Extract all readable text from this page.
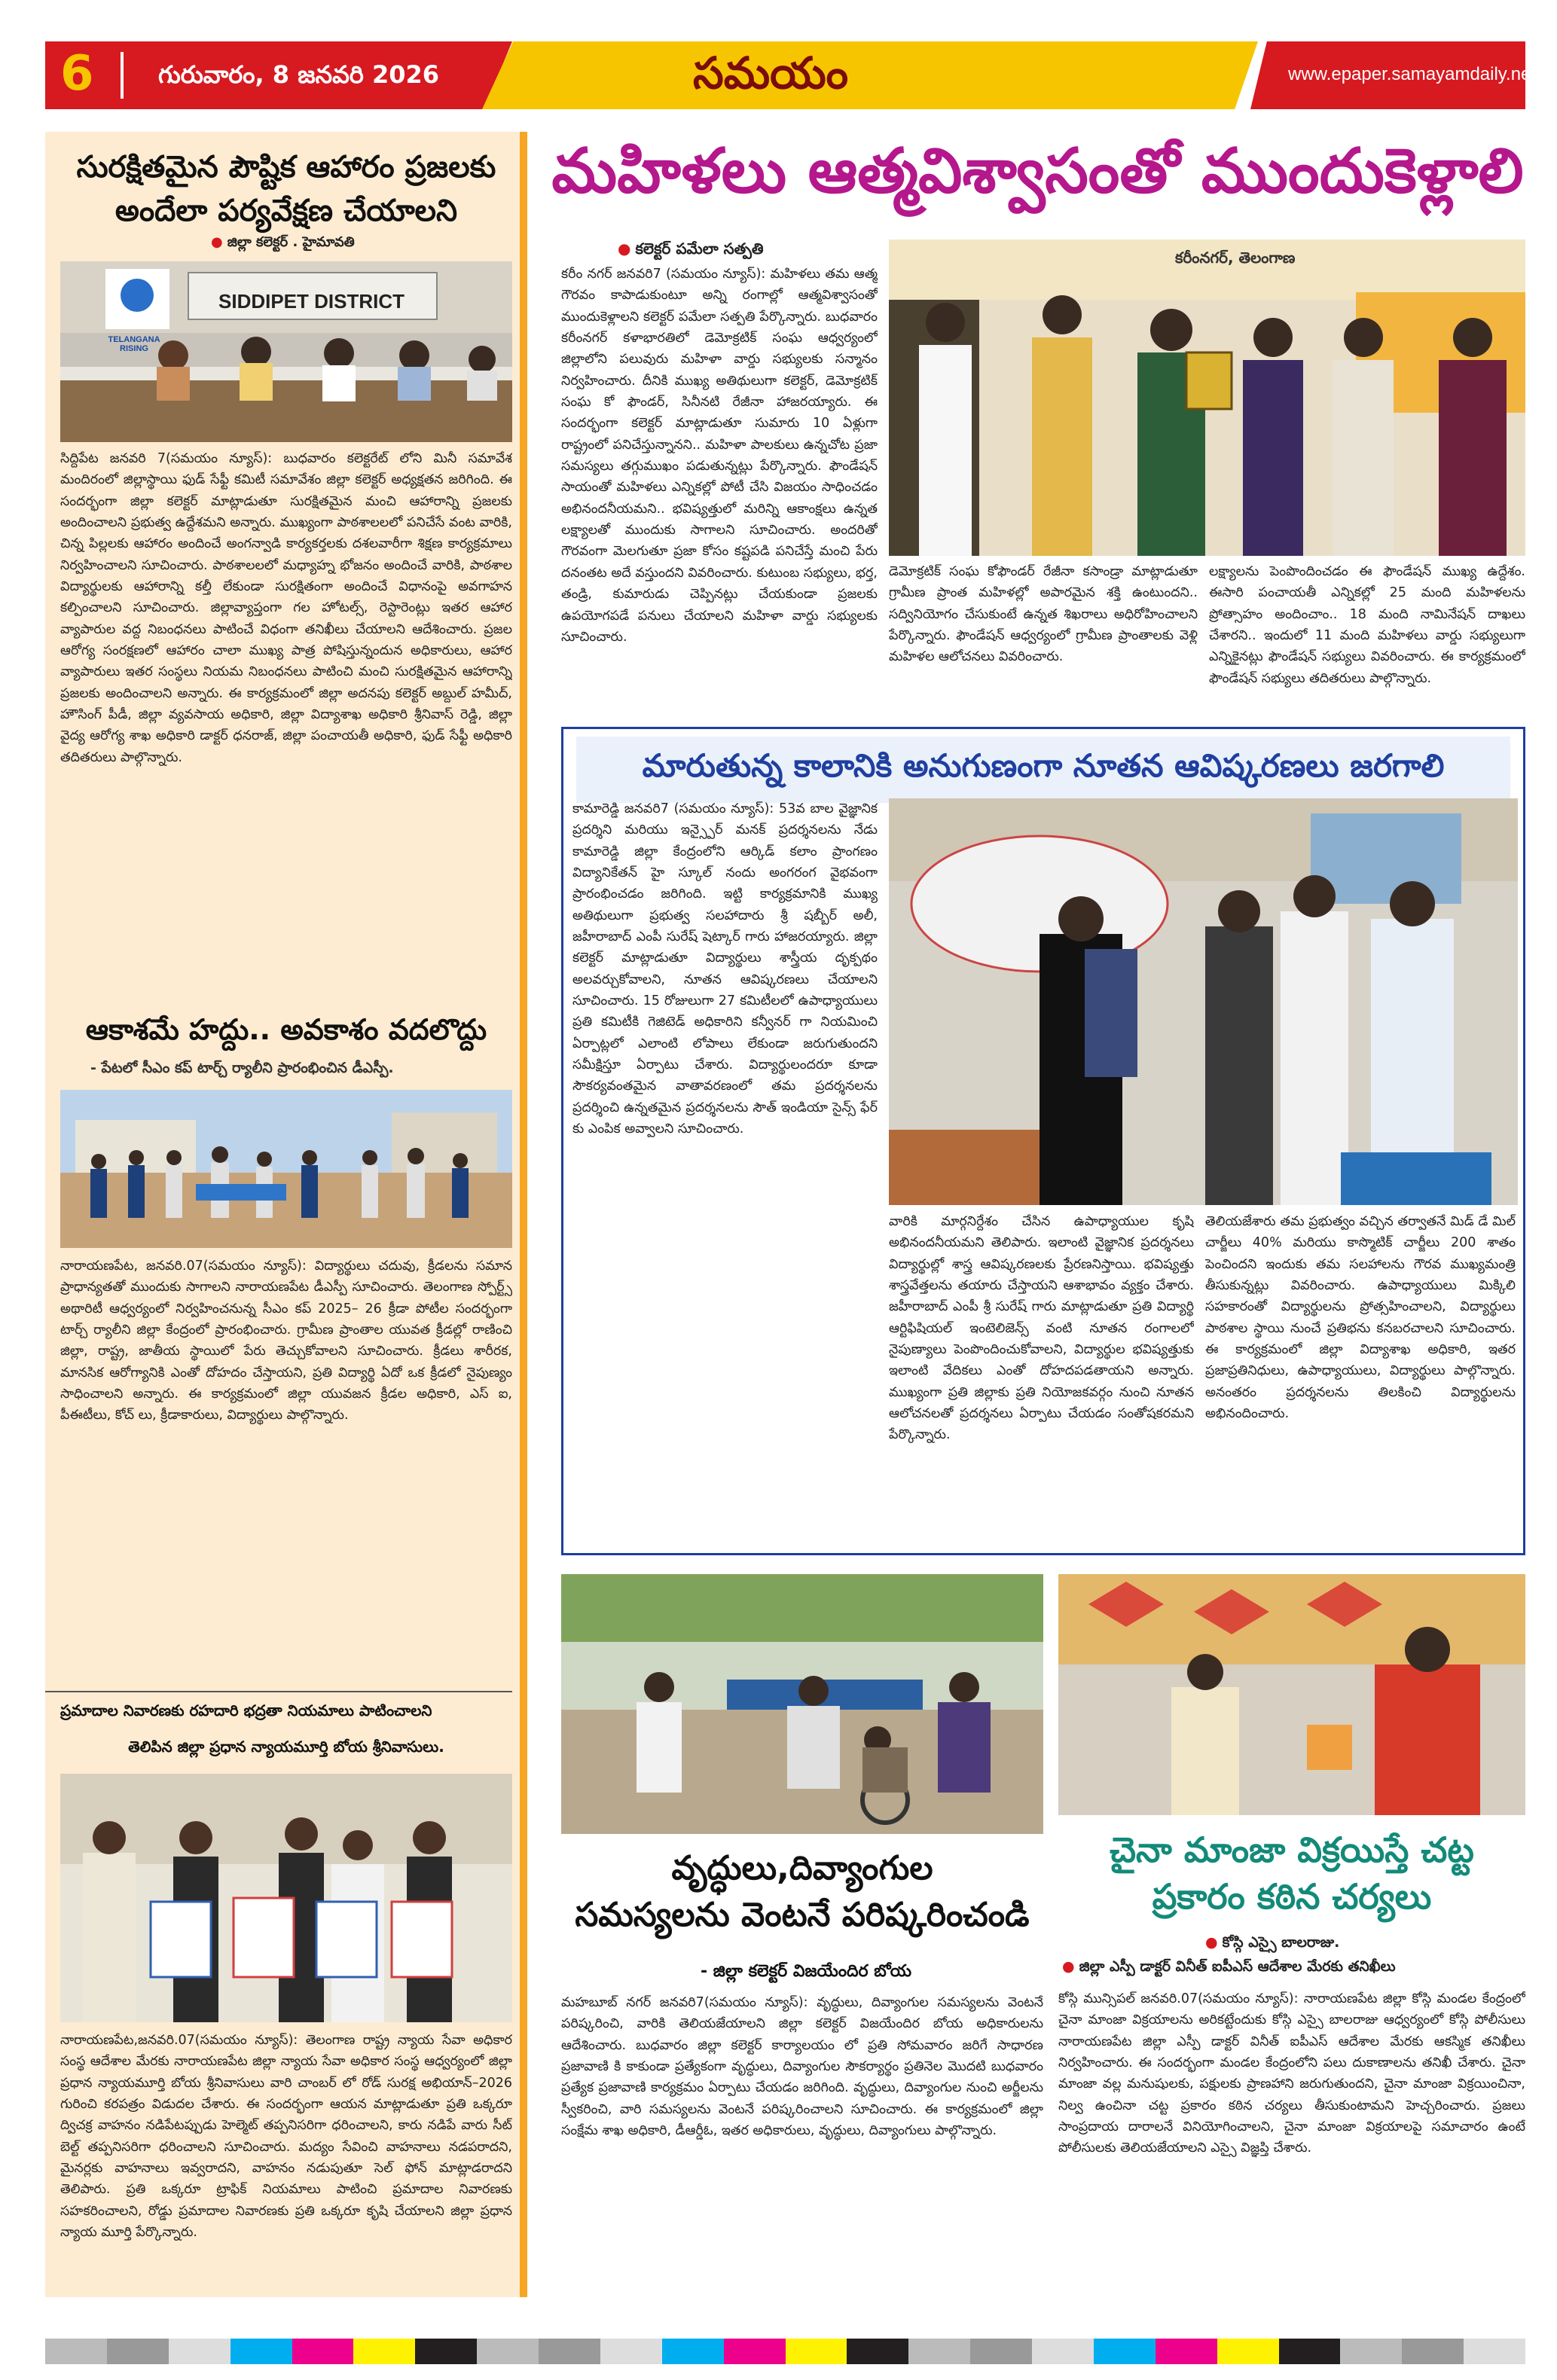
6	గురువారం, 8 జనవరి 2026	సమయం	www.epaper.samayamdaily.net
సురక్షితమైన పౌష్టిక ఆహారం ప్రజలకు
అందేలా పర్యవేక్షణ చేయాలని
● జిల్లా కలెక్టర్ . హైమావతి
SIDDIPET DISTRICT
TELANGANA RISING
సిద్దిపేట జనవరి 7(సమయం న్యూస్): బుధవారం కలెక్టరేట్ లోని మినీ సమావేశ మందిరంలో జిల్లాస్థాయి ఫుడ్ సేఫ్టీ కమిటీ సమావేశం జిల్లా కలెక్టర్ అధ్యక్షతన జరిగింది. ఈ సందర్భంగా జిల్లా కలెక్టర్ మాట్లాడుతూ సురక్షితమైన మంచి ఆహారాన్ని ప్రజలకు అందించాలని ప్రభుత్వ ఉద్దేశమని అన్నారు. ముఖ్యంగా పాఠశాలలలో పనిచేసే వంట వారికి, చిన్న పిల్లలకు ఆహారం అందించే అంగన్వాడి కార్యకర్తలకు దశలవారీగా శిక్షణ కార్యక్రమాలు నిర్వహించాలని సూచించారు. పాఠశాలలలో మధ్యాహ్న భోజనం అందించే వారికి, పాఠశాల విద్యార్థులకు ఆహారాన్ని కల్తీ లేకుండా సురక్షితంగా అందించే విధానంపై అవగాహన కల్పించాలని సూచించారు. జిల్లావ్యాప్తంగా గల హోటల్స్, రెస్టారెంట్లు ఇతర ఆహార వ్యాపారుల వద్ద నిబంధనలు పాటించే విధంగా తనిఖీలు చేయాలని ఆదేశించారు. ప్రజల ఆరోగ్య సంరక్షణలో ఆహారం చాలా ముఖ్య పాత్ర పోషిస్తున్నందున అధికారులు, ఆహార వ్యాపారులు ఇతర సంస్థలు నియమ నిబంధనలు పాటించి మంచి సురక్షితమైన ఆహారాన్ని ప్రజలకు అందించాలని అన్నారు. ఈ కార్యక్రమంలో జిల్లా అదనపు కలెక్టర్ అబ్దుల్ హమీద్, హౌసింగ్ పీడీ, జిల్లా వ్యవసాయ అధికారి, జిల్లా విద్యాశాఖ అధికారి శ్రీనివాస్ రెడ్డి, జిల్లా వైద్య ఆరోగ్య శాఖ అధికారి డాక్టర్ ధనరాజ్, జిల్లా పంచాయతీ అధికారి, ఫుడ్ సేఫ్టీ అధికారి తదితరులు పాల్గొన్నారు.
ఆకాశమే హద్దు.. అవకాశం వదలొద్దు
- పేటలో సీఎం కప్ టార్చ్ ర్యాలీని ప్రారంభించిన డీఎస్పీ.
నారాయణపేట, జనవరి.07(సమయం న్యూస్): విద్యార్థులు చదువు, క్రీడలను సమాన ప్రాధాన్యతతో ముందుకు సాగాలని నారాయణపేట డీఎస్పీ సూచించారు. తెలంగాణ స్పోర్ట్స్ అథారిటీ ఆధ్వర్యంలో నిర్వహించనున్న సీఎం కప్ 2025– 26 క్రీడా పోటీల సందర్భంగా టార్చ్ ర్యాలీని జిల్లా కేంద్రంలో ప్రారంభించారు. గ్రామీణ ప్రాంతాల యువత క్రీడల్లో రాణించి జిల్లా, రాష్ట్ర, జాతీయ స్థాయిలో పేరు తెచ్చుకోవాలని సూచించారు. క్రీడలు శారీరక, మానసిక ఆరోగ్యానికి ఎంతో దోహదం చేస్తాయని, ప్రతి విద్యార్థి ఏదో ఒక క్రీడలో నైపుణ్యం సాధించాలని అన్నారు. ఈ కార్యక్రమంలో జిల్లా యువజన క్రీడల అధికారి, ఎస్ ఐ, పీఈటీలు, కోచ్ లు, క్రీడాకారులు, విద్యార్థులు పాల్గొన్నారు.
ప్రమాదాల నివారణకు రహదారి భద్రతా నియమాలు పాటించాలని
తెలిపిన జిల్లా ప్రధాన న్యాయమూర్తి బోయ శ్రీనివాసులు.
నారాయణపేట,జనవరి.07(సమయం న్యూస్): తెలంగాణ రాష్ట్ర న్యాయ సేవా అధికార సంస్థ ఆదేశాల మేరకు నారాయణపేట జిల్లా న్యాయ సేవా అధికార సంస్థ ఆధ్వర్యంలో జిల్లా ప్రధాన న్యాయమూర్తి బోయ శ్రీనివాసులు వారి చాంబర్ లో రోడ్ సురక్ష అభియాన్–2026 గురించి కరపత్రం విడుదల చేశారు. ఈ సందర్భంగా ఆయన మాట్లాడుతూ ప్రతి ఒక్కరూ ద్విచక్ర వాహనం నడిపేటప్పుడు హెల్మెట్ తప్పనిసరిగా ధరించాలని, కారు నడిపే వారు సీట్ బెల్ట్ తప్పనిసరిగా ధరించాలని సూచించారు. మద్యం సేవించి వాహనాలు నడపరాదని, మైనర్లకు వాహనాలు ఇవ్వరాదని, వాహనం నడుపుతూ సెల్ ఫోన్ మాట్లాడరాదని తెలిపారు. ప్రతి ఒక్కరూ ట్రాఫిక్ నియమాలు పాటించి ప్రమాదాల నివారణకు సహకరించాలని, రోడ్డు ప్రమాదాల నివారణకు ప్రతి ఒక్కరూ కృషి చేయాలని జిల్లా ప్రధాన న్యాయ మూర్తి పేర్కొన్నారు.
మహిళలు ఆత్మవిశ్వాసంతో ముందుకెళ్లాలి
● కలెక్టర్ పమేలా సత్పతి
కరీం నగర్ జనవరి7 (సమయం న్యూస్): మహిళలు తమ ఆత్మ గౌరవం కాపాడుకుంటూ అన్ని రంగాల్లో ఆత్మవిశ్వాసంతో ముందుకెళ్లాలని కలెక్టర్ పమేలా సత్పతి పేర్కొన్నారు. బుధవారం కరీంనగర్ కళాభారతిలో డెమోక్రటిక్ సంఘ ఆధ్వర్యంలో జిల్లాలోని పలువురు మహిళా వార్డు సభ్యులకు సన్మానం నిర్వహించారు. దీనికి ముఖ్య అతిథులుగా కలెక్టర్, డెమోక్రటిక్ సంఘ కో ఫౌండర్, సినీనటి రేజీనా హాజరయ్యారు. ఈ సందర్భంగా కలెక్టర్ మాట్లాడుతూ సుమారు 10 ఏళ్లుగా రాష్ట్రంలో పనిచేస్తున్నానని.. మహిళా పాలకులు ఉన్నచోట ప్రజా సమస్యలు తగ్గుముఖం పడుతున్నట్లు పేర్కొన్నారు. ఫౌండేషన్ సాయంతో మహిళలు ఎన్నికల్లో పోటీ చేసి విజయం సాధించడం అభినందనీయమని.. భవిష్యత్తులో మరిన్ని ఆకాంక్షలు ఉన్నత లక్ష్యాలతో ముందుకు సాగాలని సూచించారు. అందరితో గౌరవంగా మెలగుతూ ప్రజా కోసం కష్టపడి పనిచేస్తే మంచి పేరు దనంతట అదే వస్తుందని వివరించారు. కుటుంబ సభ్యులు, భర్త, తండ్రి, కుమారుడు చెప్పినట్లు చేయకుండా ప్రజలకు ఉపయోగపడే పనులు చేయాలని మహిళా వార్డు సభ్యులకు సూచించారు.
కరీంనగర్, తెలంగాణ
డెమోక్రటిక్ సంఘ కోఫౌండర్ రేజీనా కసాండ్రా మాట్లాడుతూ గ్రామీణ ప్రాంత మహిళల్లో అపారమైన శక్తి ఉంటుందని.. సద్వినియోగం చేసుకుంటే ఉన్నత శిఖరాలు అధిరోహించాలని పేర్కొన్నారు. ఫౌండేషన్ ఆధ్వర్యంలో గ్రామీణ ప్రాంతాలకు వెళ్లి మహిళల ఆలోచనలు వివరించారు.
లక్ష్యాలను పెంపొందించడం ఈ ఫౌండేషన్ ముఖ్య ఉద్దేశం. ఈసారి పంచాయతీ ఎన్నికల్లో 25 మంది మహిళలను ప్రోత్సాహం అందించాం.. 18 మంది నామినేషన్ దాఖలు చేశారని.. ఇందులో 11 మంది మహిళలు వార్డు సభ్యులుగా ఎన్నికైనట్లు ఫౌండేషన్ సభ్యులు వివరించారు. ఈ కార్యక్రమంలో ఫౌండేషన్ సభ్యులు తదితరులు పాల్గొన్నారు.
మారుతున్న కాలానికి అనుగుణంగా నూతన ఆవిష్కరణలు జరగాలి
కామారెడ్డి జనవరి7 (సమయం న్యూస్): 53వ బాల వైజ్ఞానిక ప్రదర్శిని మరియు ఇన్స్పైర్ మనక్ ప్రదర్శనలను నేడు కామారెడ్డి జిల్లా కేంద్రంలోని ఆర్కిడ్ కలాం ప్రాంగణం విద్యానికేతన్ హై స్కూల్ నందు అంగరంగ వైభవంగా ప్రారంభించడం జరిగింది. ఇట్టి కార్యక్రమానికి ముఖ్య అతిథులుగా ప్రభుత్వ సలహాదారు శ్రీ షబ్బీర్ అలీ, జహీరాబాద్ ఎంపీ సురేష్ షెట్కార్ గారు హాజరయ్యారు. జిల్లా కలెక్టర్ మాట్లాడుతూ విద్యార్థులు శాస్త్రీయ దృక్పథం అలవర్చుకోవాలని, నూతన ఆవిష్కరణలు చేయాలని సూచించారు. 15 రోజులుగా 27 కమిటీలలో ఉపాధ్యాయులు ప్రతి కమిటీకి గెజిటెడ్ అధికారిని కన్వీనర్ గా నియమించి ఏర్పాట్లలో ఎలాంటి లోపాలు లేకుండా జరుగుతుందని సమీక్షిస్తూ ఏర్పాటు చేశారు. విద్యార్థులందరూ కూడా సౌకర్యవంతమైన వాతావరణంలో తమ ప్రదర్శనలను ప్రదర్శించి ఉన్నతమైన ప్రదర్శనలను సౌత్ ఇండియా సైన్స్ ఫేర్ కు ఎంపిక అవ్వాలని సూచించారు.
వారికి మార్గనిర్దేశం చేసిన ఉపాధ్యాయుల కృషి అభినందనీయమని తెలిపారు. ఇలాంటి వైజ్ఞానిక ప్రదర్శనలు విద్యార్థుల్లో శాస్త్ర ఆవిష్కరణలకు ప్రేరణనిస్తాయి. భవిష్యత్తు శాస్త్రవేత్తలను తయారు చేస్తాయని ఆశాభావం వ్యక్తం చేశారు. జహీరాబాద్ ఎంపీ శ్రీ సురేష్ గారు మాట్లాడుతూ ప్రతి విద్యార్థి ఆర్టిఫిషియల్ ఇంటెలిజెన్స్ వంటి నూతన రంగాలలో నైపుణ్యాలు పెంపొందించుకోవాలని, విద్యార్థుల భవిష్యత్తుకు ఇలాంటి వేదికలు ఎంతో దోహదపడతాయని అన్నారు. ముఖ్యంగా ప్రతి జిల్లాకు ప్రతి నియోజకవర్గం నుంచి నూతన ఆలోచనలతో ప్రదర్శనలు ఏర్పాటు చేయడం సంతోషకరమని పేర్కొన్నారు.
తెలియజేశారు తమ ప్రభుత్వం వచ్చిన తర్వాతనే మిడ్ డే మిల్ చార్జీలు 40% మరియు కాస్మొటిక్ చార్జీలు 200 శాతం పెంచిందని ఇందుకు తమ సలహాలను గౌరవ ముఖ్యమంత్రి తీసుకున్నట్లు వివరించారు. ఉపాధ్యాయులు మిక్కిలి సహకారంతో విద్యార్థులను ప్రోత్సహించాలని, విద్యార్థులు పాఠశాల స్థాయి నుంచే ప్రతిభను కనబరచాలని సూచించారు. ఈ కార్యక్రమంలో జిల్లా విద్యాశాఖ అధికారి, ఇతర ప్రజాప్రతినిధులు, ఉపాధ్యాయులు, విద్యార్థులు పాల్గొన్నారు. అనంతరం ప్రదర్శనలను తిలకించి విద్యార్థులను అభినందించారు.
వృద్ధులు,దివ్యాంగుల
సమస్యలను వెంటనే పరిష్కరించండి
- జిల్లా కలెక్టర్ విజయేందిర బోయ
మహబూబ్ నగర్ జనవరి7(సమయం న్యూస్): వృద్ధులు, దివ్యాంగుల సమస్యలను వెంటనే పరిష్కరించి, వారికి తెలియజేయాలని జిల్లా కలెక్టర్ విజయేందిర బోయ అధికారులను ఆదేశించారు. బుధవారం జిల్లా కలెక్టర్ కార్యాలయం లో ప్రతి సోమవారం జరిగే సాధారణ ప్రజావాణి కి కాకుండా ప్రత్యేకంగా వృద్ధులు, దివ్యాంగుల సౌకర్యార్థం ప్రతినెల మొదటి బుధవారం ప్రత్యేక ప్రజావాణి కార్యక్రమం ఏర్పాటు చేయడం జరిగింది. వృద్ధులు, దివ్యాంగుల నుంచి అర్జీలను స్వీకరించి, వారి సమస్యలను వెంటనే పరిష్కరించాలని సూచించారు. ఈ కార్యక్రమంలో జిల్లా సంక్షేమ శాఖ అధికారి, డీఆర్డీఓ, ఇతర అధికారులు, వృద్ధులు, దివ్యాంగులు పాల్గొన్నారు.
చైనా మాంజా విక్రయిస్తే చట్ట
ప్రకారం కఠిన చర్యలు
● కోస్గి ఎస్సై బాలరాజు.
● జిల్లా ఎస్పీ డాక్టర్ వినీత్ ఐపీఎస్ ఆదేశాల మేరకు తనిఖీలు
కోస్గి మున్సిపల్ జనవరి.07(సమయం న్యూస్): నారాయణపేట జిల్లా కోస్గి మండల కేంద్రంలో చైనా మాంజా విక్రయాలను అరికట్టేందుకు కోస్గి ఎస్సై బాలరాజు ఆధ్వర్యంలో కోస్గి పోలీసులు నారాయణపేట జిల్లా ఎస్పీ డాక్టర్ వినీత్ ఐపీఎస్ ఆదేశాల మేరకు ఆకస్మిక తనిఖీలు నిర్వహించారు. ఈ సందర్భంగా మండల కేంద్రంలోని పలు దుకాణాలను తనిఖీ చేశారు. చైనా మాంజా వల్ల మనుషులకు, పక్షులకు ప్రాణహాని జరుగుతుందని, చైనా మాంజా విక్రయించినా, నిల్వ ఉంచినా చట్ట ప్రకారం కఠిన చర్యలు తీసుకుంటామని హెచ్చరించారు. ప్రజలు సాంప్రదాయ దారాలనే వినియోగించాలని, చైనా మాంజా విక్రయాలపై సమాచారం ఉంటే పోలీసులకు తెలియజేయాలని ఎస్సై విజ్ఞప్తి చేశారు.
